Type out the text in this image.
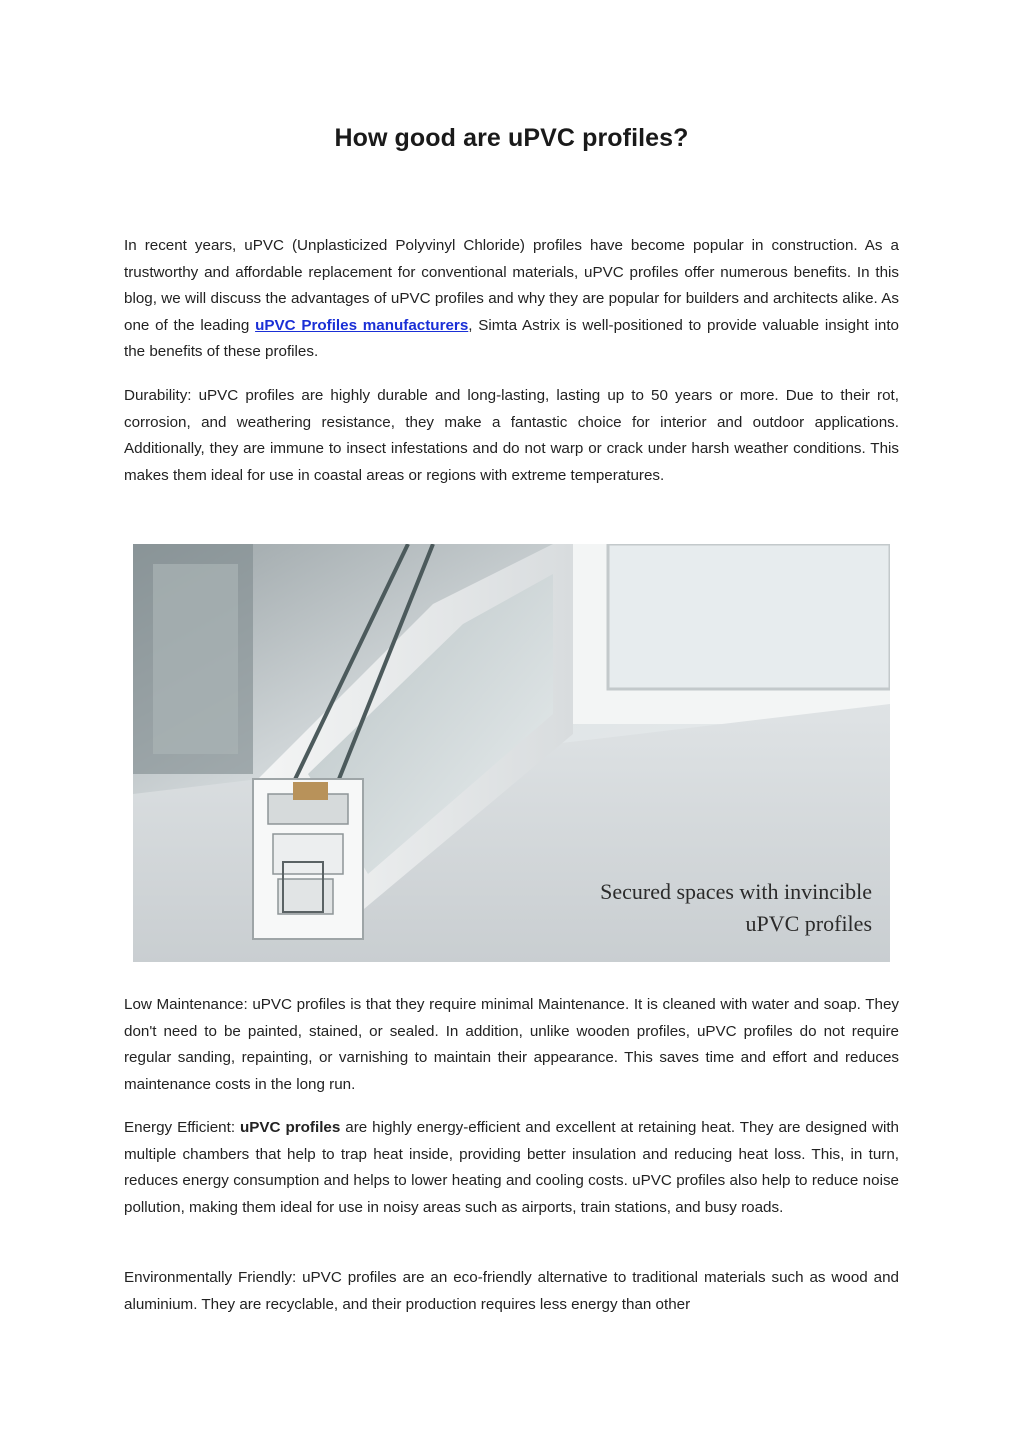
How good are uPVC profiles?

In recent years, uPVC (Unplasticized Polyvinyl Chloride) profiles have become popular in construction. As a trustworthy and affordable replacement for conventional materials, uPVC profiles offer numerous benefits. In this blog, we will discuss the advantages of uPVC profiles and why they are popular for builders and architects alike. As one of the leading uPVC Profiles manufacturers, Simta Astrix is well-positioned to provide valuable insight into the benefits of these profiles.

Durability: uPVC profiles are highly durable and long-lasting, lasting up to 50 years or more. Due to their rot, corrosion, and weathering resistance, they make a fantastic choice for interior and outdoor applications. Additionally, they are immune to insect infestations and do not warp or crack under harsh weather conditions. This makes them ideal for use in coastal areas or regions with extreme temperatures.

Secured spaces with invincible
uPVC profiles

Low Maintenance: uPVC profiles is that they require minimal Maintenance. It is cleaned with water and soap. They don't need to be painted, stained, or sealed. In addition, unlike wooden profiles, uPVC profiles do not require regular sanding, repainting, or varnishing to maintain their appearance. This saves time and effort and reduces maintenance costs in the long run.

Energy Efficient: uPVC profiles are highly energy-efficient and excellent at retaining heat. They are designed with multiple chambers that help to trap heat inside, providing better insulation and reducing heat loss. This, in turn, reduces energy consumption and helps to lower heating and cooling costs. uPVC profiles also help to reduce noise pollution, making them ideal for use in noisy areas such as airports, train stations, and busy roads.

Environmentally Friendly: uPVC profiles are an eco-friendly alternative to traditional materials such as wood and aluminium. They are recyclable, and their production requires less energy than other
